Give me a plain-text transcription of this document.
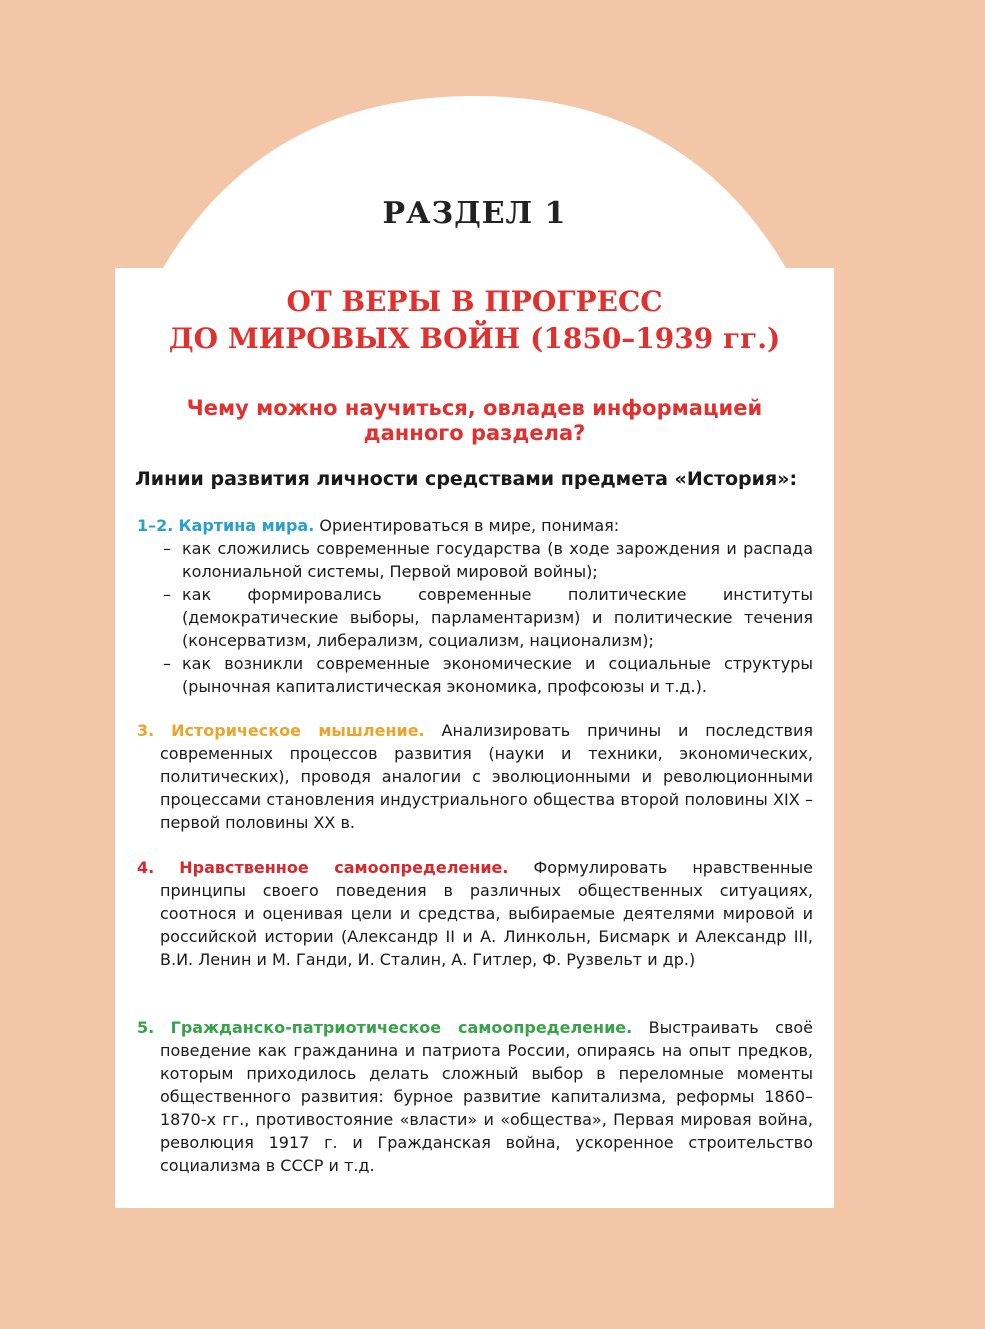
РАЗДЕЛ 1
ОТ ВЕРЫ В ПРОГРЕСС
ДО МИРОВЫХ ВОЙН (1850–1939 гг.)
Чему можно научиться, овладев информацией
данного раздела?
Линии развития личности средствами предмета «История»:
1–2. Картина мира. Ориентироваться в мире, понимая:
– как сложились современные государства (в ходе зарождения и распада колониальной системы, Первой мировой войны);
– как формировались современные политические институты (демократические выборы, парламентаризм) и политические течения (консерватизм, либерализм, социализм, национализм);
– как возникли современные экономические и социальные структуры (рыночная капиталистическая экономика, профсоюзы и т.д.).
3. Историческое мышление. Анализировать причины и последствия современных процессов развития (науки и техники, экономических, политических), проводя аналогии с эволюционными и революционными процессами становления индустриального общества второй половины XIX – первой половины XX в.
4. Нравственное самоопределение. Формулировать нравственные принципы своего поведения в различных общественных ситуациях, соотнося и оценивая цели и средства, выбираемые деятелями мировой и российской истории (Александр II и А. Линкольн, Бисмарк и Александр III, В.И. Ленин и М. Ганди, И. Сталин, А. Гитлер, Ф. Рузвельт и др.)
5. Гражданско-патриотическое самоопределение. Выстраивать своё поведение как гражданина и патриота России, опираясь на опыт предков, которым приходилось делать сложный выбор в переломные моменты общественного развития: бурное развитие капитализма, реформы 1860–1870-х гг., противостояние «власти» и «общества», Первая мировая война, революция 1917 г. и Гражданская война, ускоренное строительство социализма в СССР и т.д.
